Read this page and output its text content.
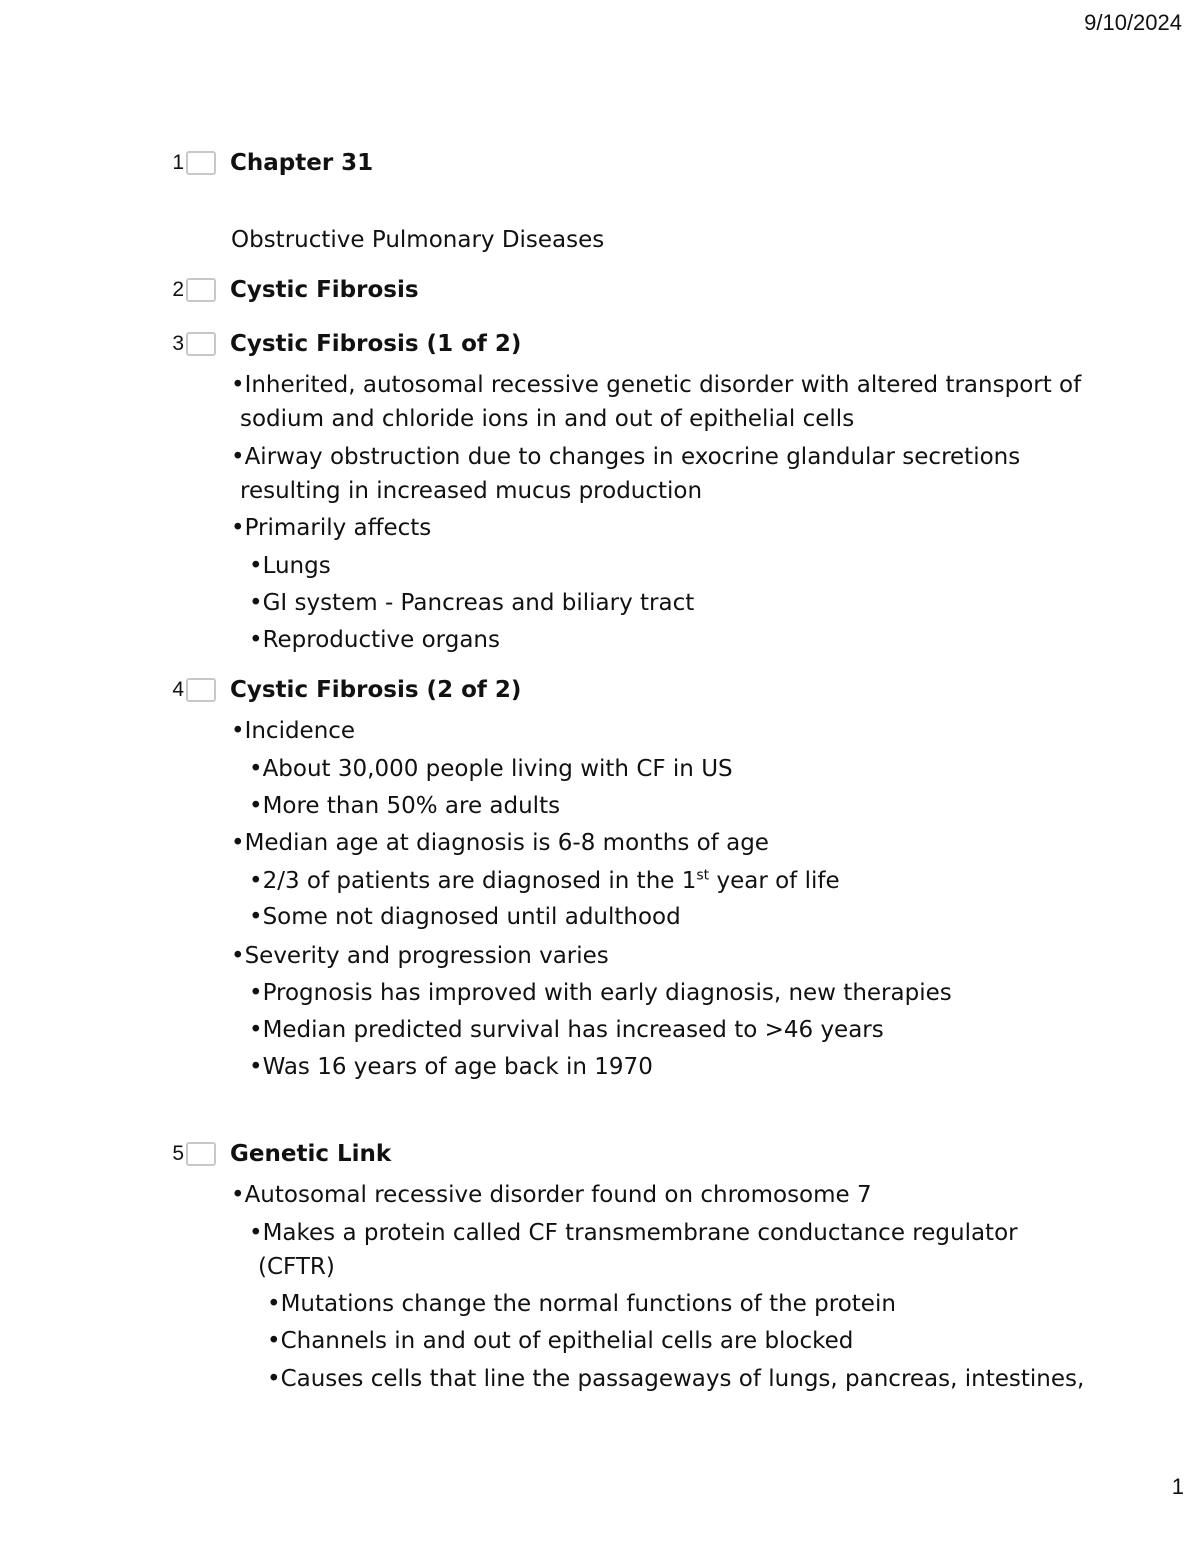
9/10/2024
1 Chapter 31
Obstructive Pulmonary Diseases
2 Cystic Fibrosis
3 Cystic Fibrosis (1 of 2)
•Inherited, autosomal recessive genetic disorder with altered transport of
sodium and chloride ions in and out of epithelial cells
•Airway obstruction due to changes in exocrine glandular secretions
resulting in increased mucus production
•Primarily affects
•Lungs
•GI system - Pancreas and biliary tract
•Reproductive organs
4 Cystic Fibrosis (2 of 2)
•Incidence
•About 30,000 people living with CF in US
•More than 50% are adults
•Median age at diagnosis is 6-8 months of age
•2/3 of patients are diagnosed in the 1st year of life
•Some not diagnosed until adulthood
•Severity and progression varies
•Prognosis has improved with early diagnosis, new therapies
•Median predicted survival has increased to >46 years
•Was 16 years of age back in 1970
5 Genetic Link
•Autosomal recessive disorder found on chromosome 7
•Makes a protein called CF transmembrane conductance regulator
(CFTR)
•Mutations change the normal functions of the protein
•Channels in and out of epithelial cells are blocked
•Causes cells that line the passageways of lungs, pancreas, intestines,
1
